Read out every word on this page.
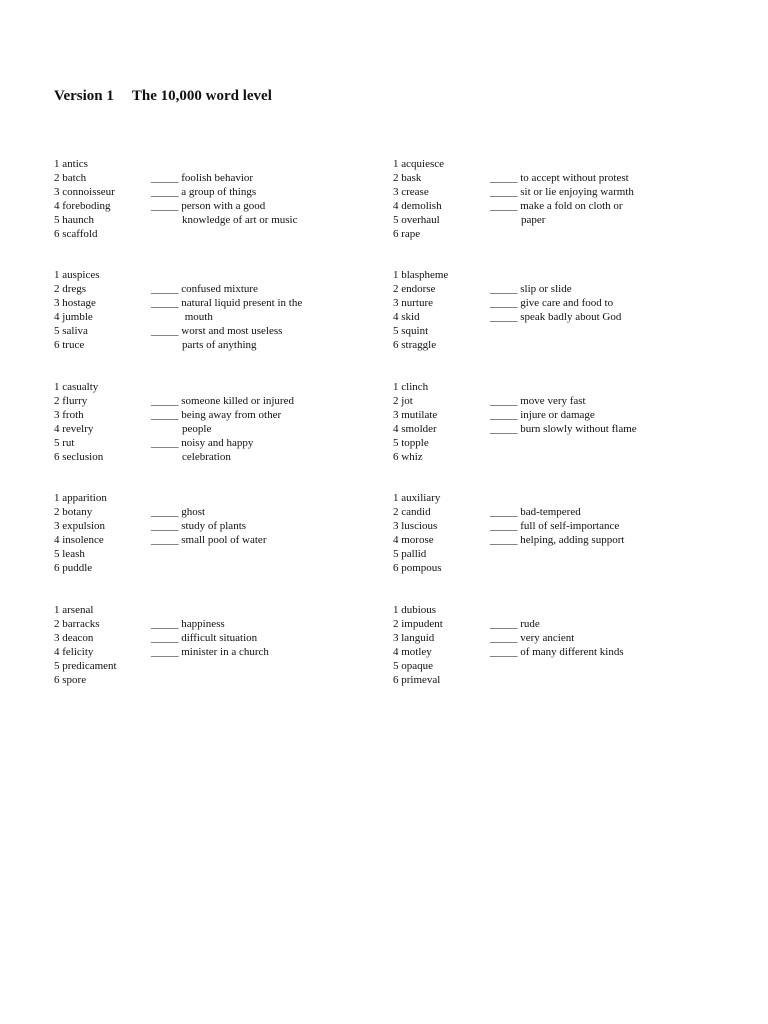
Version 1 The 10,000 word level
1 antics
2 batch
3 connoisseur
4 foreboding
5 haunch
6 scaffold
_____ foolish behavior
_____ a group of things
_____ person with a good
knowledge of art or music
1 acquiesce
2 bask
3 crease
4 demolish
5 overhaul
6 rape
_____ to accept without protest
_____ sit or lie enjoying warmth
_____ make a fold on cloth or
paper
1 auspices
2 dregs
3 hostage
4 jumble
5 saliva
6 truce
_____ confused mixture
_____ natural liquid present in the
mouth
_____ worst and most useless
parts of anything
1 blaspheme
2 endorse
3 nurture
4 skid
5 squint
6 straggle
_____ slip or slide
_____ give care and food to
_____ speak badly about God
1 casualty
2 flurry
3 froth
4 revelry
5 rut
6 seclusion
_____ someone killed or injured
_____ being away from other
people
_____ noisy and happy
celebration
1 clinch
2 jot
3 mutilate
4 smolder
5 topple
6 whiz
_____ move very fast
_____ injure or damage
_____ burn slowly without flame
1 apparition
2 botany
3 expulsion
4 insolence
5 leash
6 puddle
_____ ghost
_____ study of plants
_____ small pool of water
1 auxiliary
2 candid
3 luscious
4 morose
5 pallid
6 pompous
_____ bad-tempered
_____ full of self-importance
_____ helping, adding support
1 arsenal
2 barracks
3 deacon
4 felicity
5 predicament
6 spore
_____ happiness
_____ difficult situation
_____ minister in a church
1 dubious
2 impudent
3 languid
4 motley
5 opaque
6 primeval
_____ rude
_____ very ancient
_____ of many different kinds
